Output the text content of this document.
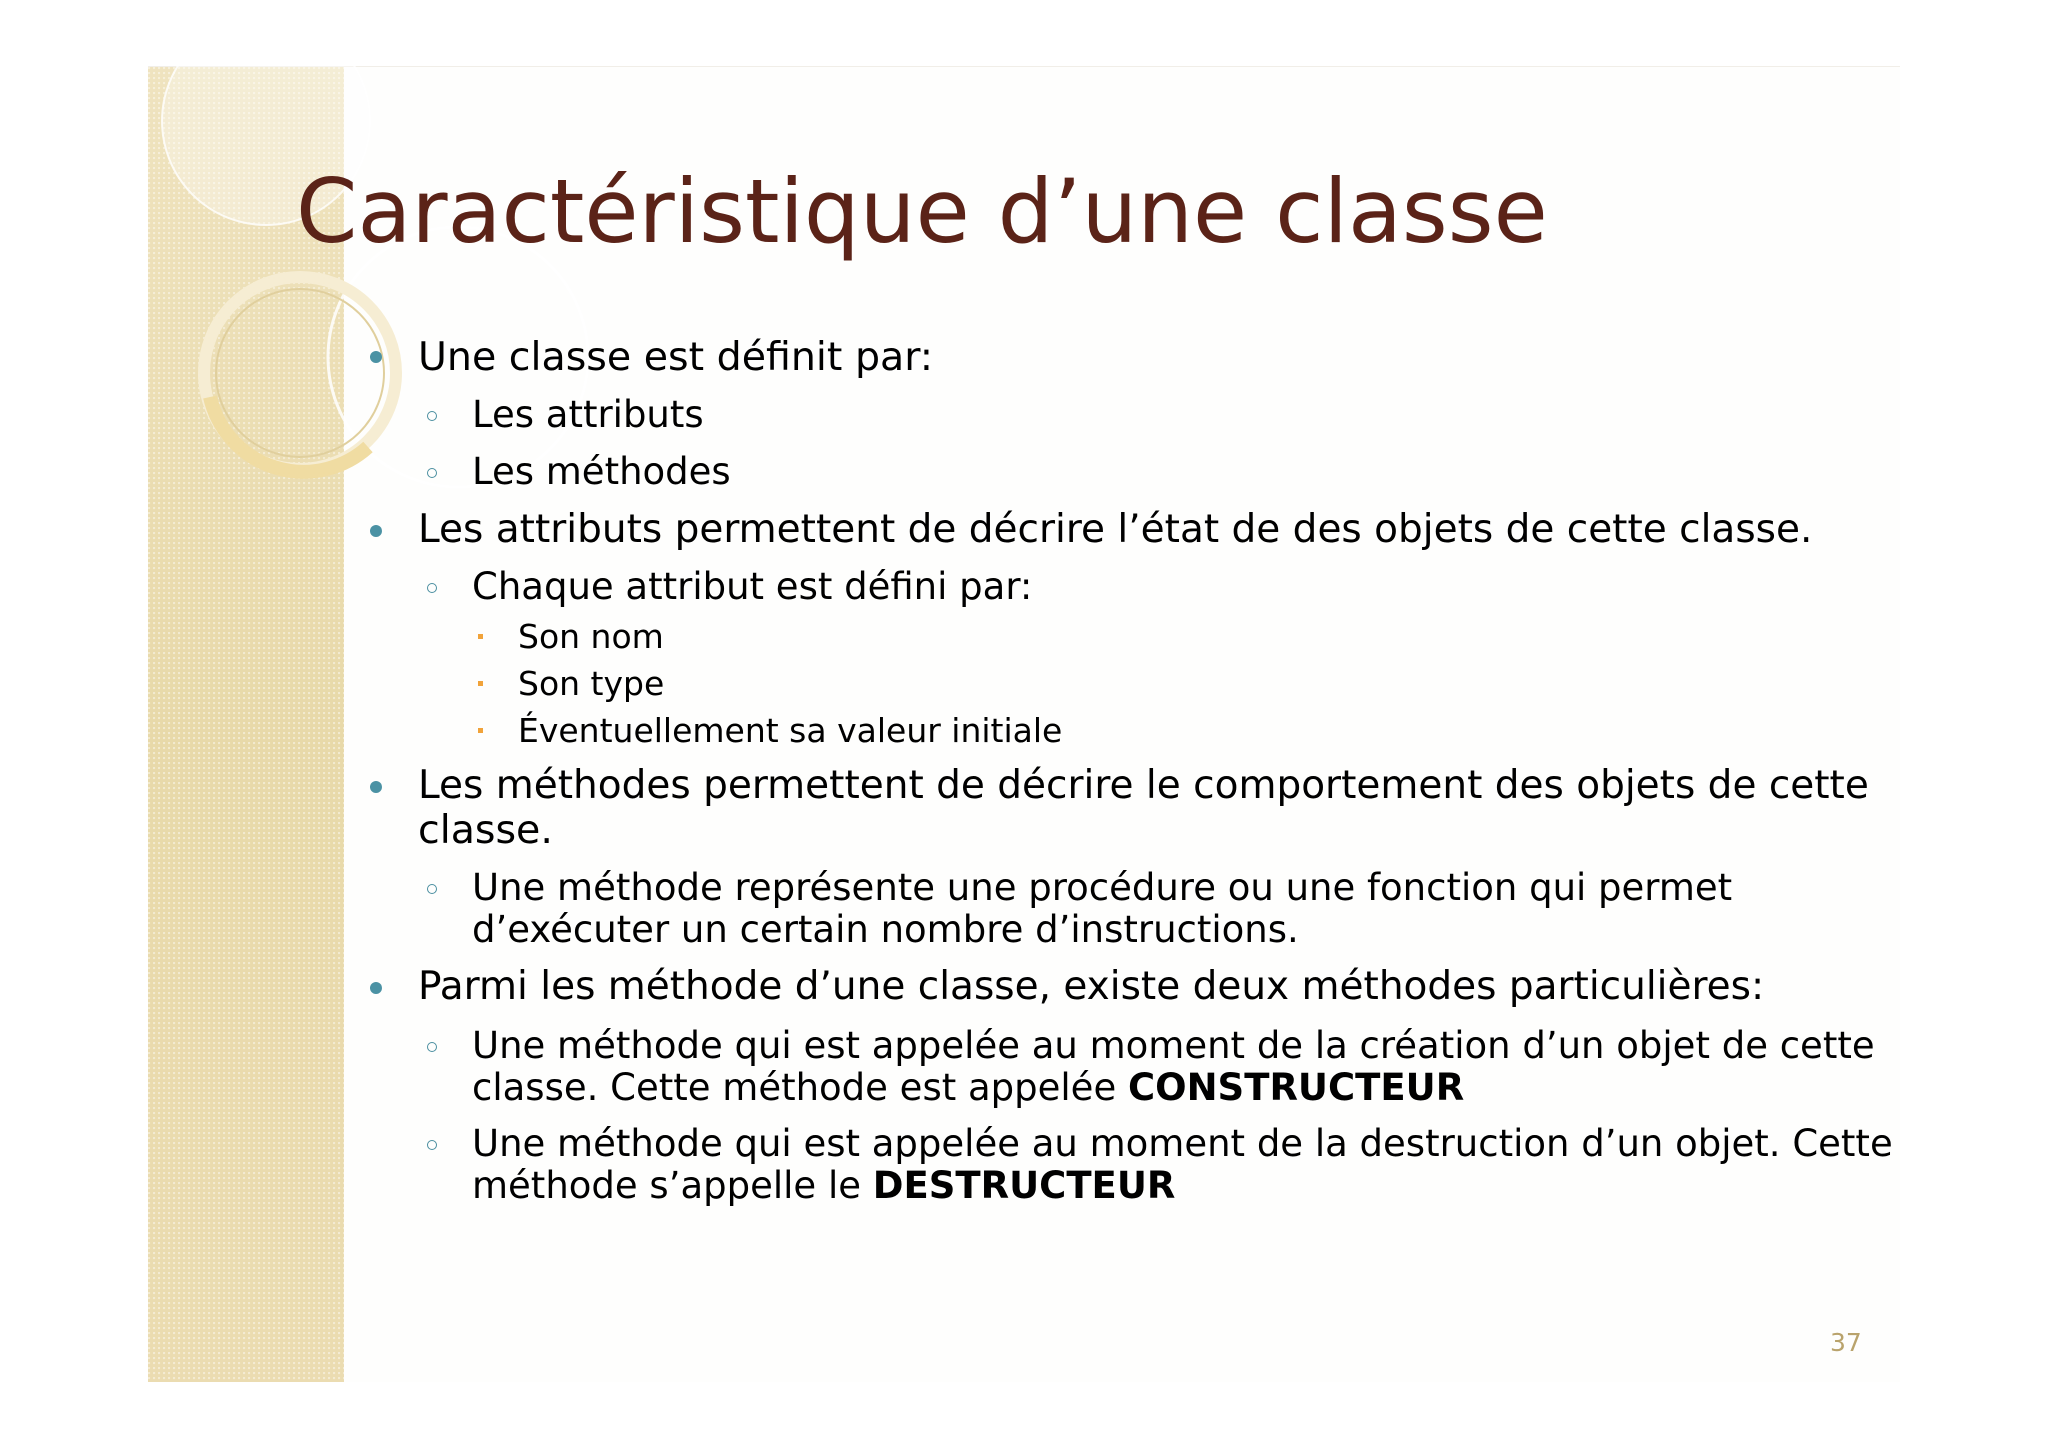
Caractéristique d’une classe
Une classe est définit par:
Les attributs
Les méthodes
Les attributs permettent de décrire l’état de des objets de cette classe.
Chaque attribut est défini par:
Son nom
Son type
Éventuellement sa valeur initiale
Les méthodes permettent de décrire le comportement des objets de cette
classe.
Une méthode représente une procédure ou une fonction qui permet
d’exécuter un certain nombre d’instructions.
Parmi les méthode d’une classe, existe deux méthodes particulières:
Une méthode qui est appelée au moment de la création d’un objet de cette
classe. Cette méthode est appelée CONSTRUCTEUR
Une méthode qui est appelée au moment de la destruction d’un objet. Cette
méthode s’appelle le DESTRUCTEUR
37
